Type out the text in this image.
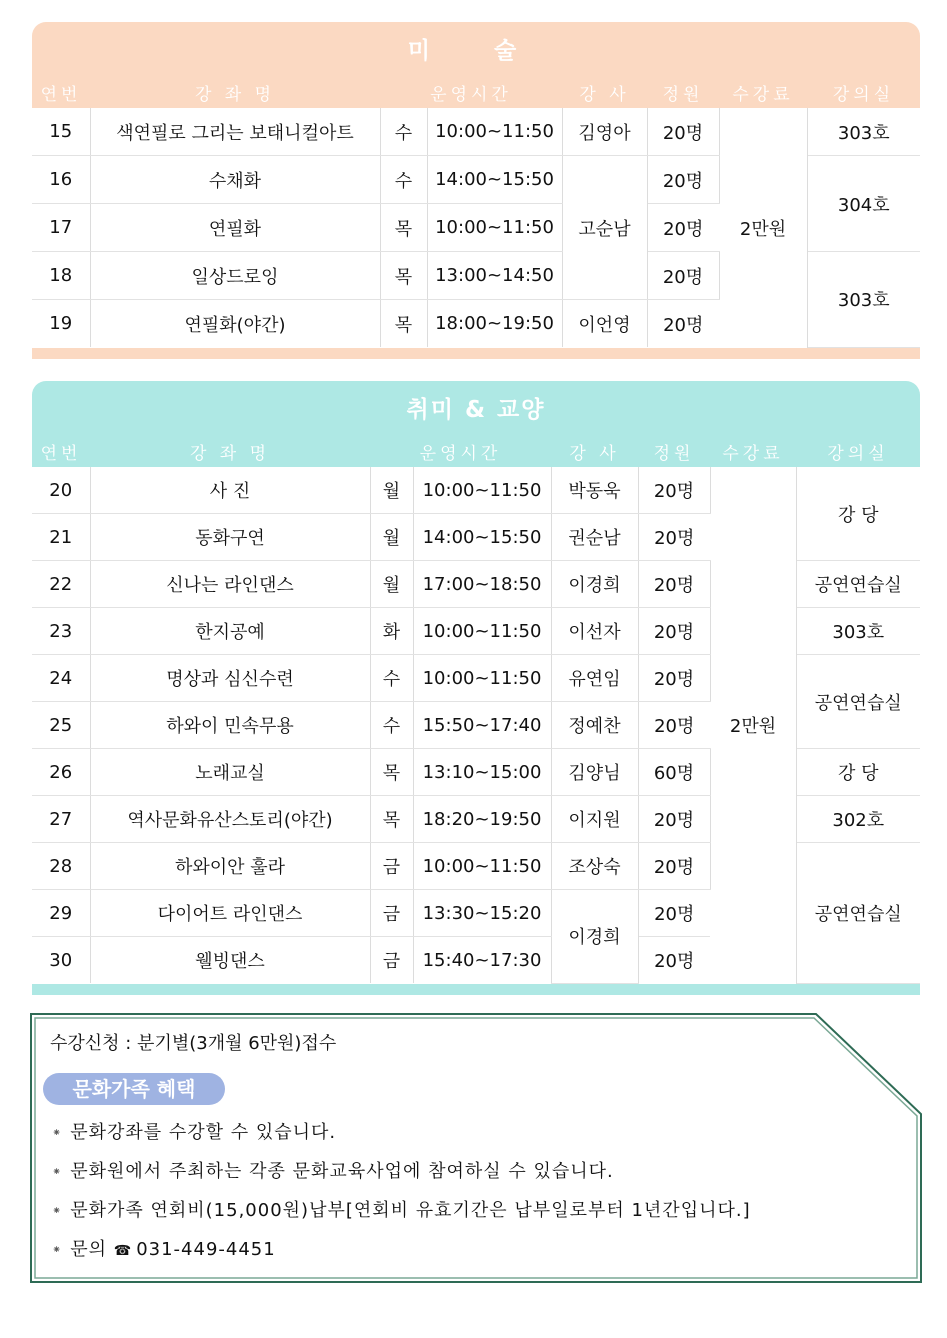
미 술
연번	강 좌 명	운영시간		강 사	정원	수강료	강의실
15	색연필로 그리는 보태니컬아트	수	10:00~11:50	김영아	20명	2만원	303호
16	수채화	수	14:00~15:50	고순남	20명		304호
17	연필화	목	10:00~11:50		20명		
18	일상드로잉	목	13:00~14:50		20명		303호
19	연필화(야간)	목	18:00~19:50	이언영	20명		
취미 & 교양
연번	강 좌 명	운영시간		강 사	정원	수강료	강의실
20	사 진	월	10:00~11:50	박동욱	20명	2만원	강 당
21	동화구연	월	14:00~15:50	권순남	20명		
22	신나는 라인댄스	월	17:00~18:50	이경희	20명		공연연습실
23	한지공예	화	10:00~11:50	이선자	20명		303호
24	명상과 심신수련	수	10:00~11:50	유연임	20명		공연연습실
25	하와이 민속무용	수	15:50~17:40	정예찬	20명		
26	노래교실	목	13:10~15:00	김양님	60명		강 당
27	역사문화유산스토리(야간)	목	18:20~19:50	이지원	20명		302호
28	하와이안 훌라	금	10:00~11:50	조상숙	20명		공연연습실
29	다이어트 라인댄스	금	13:30~15:20	이경희	20명		
30	웰빙댄스	금	15:40~17:30		20명		
수강신청 : 분기별(3개월 6만원)접수
문화가족 혜택
⁕ 문화강좌를 수강할 수 있습니다.
⁕ 문화원에서 주최하는 각종 문화교육사업에 참여하실 수 있습니다.
⁕ 문화가족 연회비(15,000원)납부[연회비 유효기간은 납부일로부터 1년간입니다.]
⁕ 문의 ☎ 031-449-4451
